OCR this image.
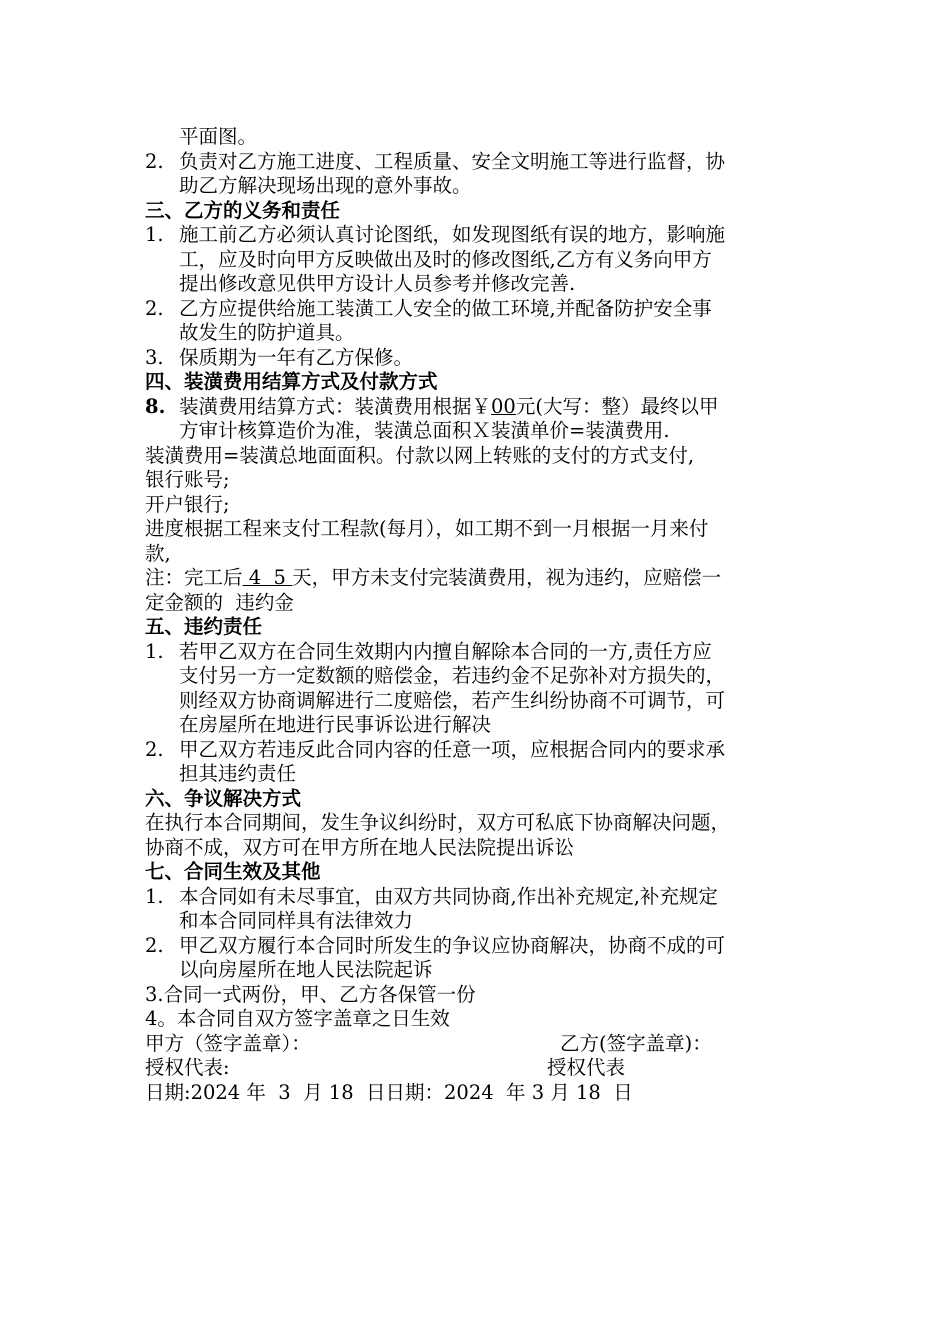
平面图。
2. 负责对乙方施工进度、工程质量、安全文明施工等进行监督，协
助乙方解决现场出现的意外事故。
三、乙方的义务和责任
1. 施工前乙方必须认真讨论图纸，如发现图纸有误的地方，影响施
工，应及时向甲方反映做出及时的修改图纸,乙方有义务向甲方
提出修改意见供甲方设计人员参考并修改完善.
2. 乙方应提供给施工装潢工人安全的做工环境,并配备防护安全事
故发生的防护道具。
3. 保质期为一年有乙方保修。
四、装潢费用结算方式及付款方式
8. 装潢费用结算方式：装潢费用根据￥00元(大写：整）最终以甲
方审计核算造价为准，装潢总面积Ｘ装潢单价=装潢费用.
装潢费用=装潢总地面面积。付款以网上转账的支付的方式支付,
银行账号;
开户银行;
进度根据工程来支付工程款(每月），如工期不到一月根据一月来付
款,
注：完工后 4  5 天，甲方未支付完装潢费用，视为违约，应赔偿一
定金额的  违约金
五、违约责任
1. 若甲乙双方在合同生效期内内擅自解除本合同的一方,责任方应
支付另一方一定数额的赔偿金，若违约金不足弥补对方损失的，
则经双方协商调解进行二度赔偿，若产生纠纷协商不可调节，可
在房屋所在地进行民事诉讼进行解决
2. 甲乙双方若违反此合同内容的任意一项，应根据合同内的要求承
担其违约责任
六、争议解决方式
在执行本合同期间，发生争议纠纷时，双方可私底下协商解决问题，
协商不成，双方可在甲方所在地人民法院提出诉讼
七、合同生效及其他
1. 本合同如有未尽事宜，由双方共同协商,作出补充规定,补充规定
和本合同同样具有法律效力
2. 甲乙双方履行本合同时所发生的争议应协商解决，协商不成的可
以向房屋所在地人民法院起诉
3.合同一式两份，甲、乙方各保管一份
4。本合同自双方签字盖章之日生效
甲方（签字盖章）：	乙方(签字盖章)：
授权代表:	授权代表
日期:2024 年  3  月 18  日日期：2024  年 3 月 18  日
